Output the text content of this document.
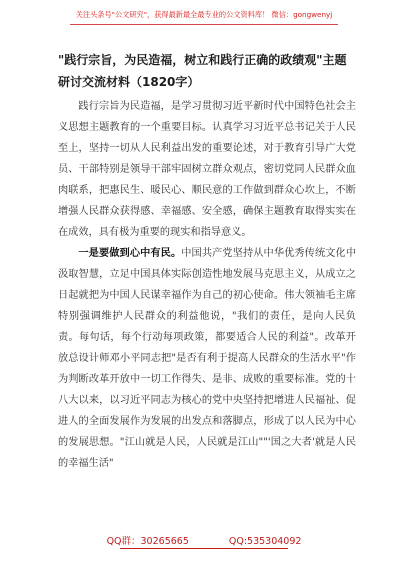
关注头条号"公文研究"，获得最新最全最专业的公文资料库！ 微信：gongwenyj
"践行宗旨，为民造福，树立和践行正确的政绩观"主题研讨交流材料（1820字）

践行宗旨为民造福，是学习贯彻习近平新时代中国特色社会主义思想主题教育的一个重要目标。认真学习习近平总书记关于人民至上，坚持一切从人民利益出发的重要论述，对于教育引导广大党员、干部特别是领导干部牢固树立群众观点，密切党同人民群众血肉联系，把惠民生、暖民心、顺民意的工作做到群众心坎上，不断增强人民群众获得感、幸福感、安全感，确保主题教育取得实实在在成效，具有极为重要的现实和指导意义。

一是要做到心中有民。中国共产党坚持从中华优秀传统文化中汲取智慧，立足中国具体实际创造性地发展马克思主义，从成立之日起就把为中国人民谋幸福作为自己的初心使命。伟大领袖毛主席特别强调维护人民群众的利益他说，"我们的责任，是向人民负责。每句话，每个行动每项政策，都要适合人民的利益"。改革开放总设计师邓小平同志把"是否有利于提高人民群众的生活水平"作为判断改革开放中一切工作得失、是非、成败的重要标准。党的十八大以来，以习近平同志为核心的党中央坚持把增进人民福祉、促进人的全面发展作为发展的出发点和落脚点，形成了以人民为中心的发展思想。"江山就是人民，人民就是江山""'国之大者'就是人民的幸福生活"

QQ群：30265665	QQ:535304092
